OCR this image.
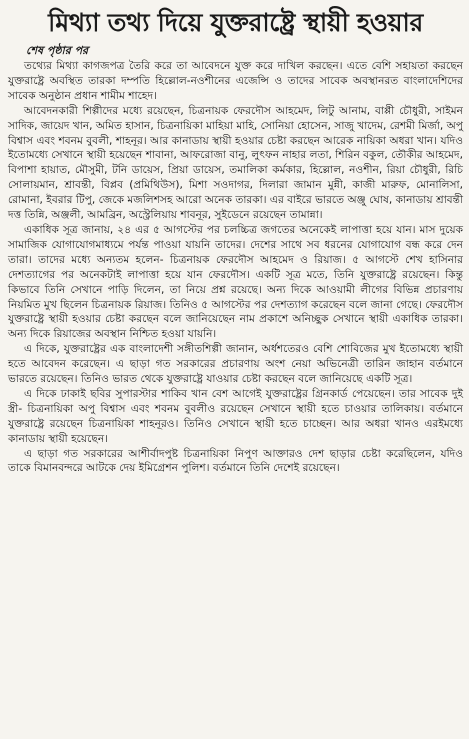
মিথ্যা তথ্য দিয়ে যুক্তরাষ্ট্রে স্থায়ী হওয়ার
শেষ পৃষ্ঠার পর

তথ্যের মিথ্যা কাগজপত্র তৈরি করে তা আবেদনে যুক্ত করে দাখিল করছেন। এতে বেশি সহায়তা করছেন যুক্তরাষ্ট্রে অবস্থিত তারকা দম্পতি হিল্লোল-নওশীনের এজেন্সি ও তাদের সাবেক অবস্থানরত বাংলাদেশিদের সাবেক অনুষ্ঠান প্রধান শামীম শাহেদ।

আবেদনকারী শিল্পীদের মধ্যে রয়েছেন, চিত্রনায়ক ফেরদৌস আহমেদ, লিটু আনাম, বাপ্পী চৌধুরী, সাইমন সাদিক, জায়েদ খান, অমিত হাসান, চিত্রনায়িকা মাহিয়া মাহি, সোনিয়া হোসেন, সাজু খাদেম, রেশমী মির্জা, অপু বিশ্বাস এবং শবনম বুবলী, শাহনূর। আর কানাডায় স্থায়ী হওয়ার চেষ্টা করছেন আরেক নায়িকা অধরা খান। যদিও ইতোমধ্যে সেখানে স্থায়ী হয়েছেন শাবানা, আফরোজা বানু, লুৎফন নাহার লতা, শিরিন বকুল, তৌকীর আহমেদ, বিপাশা হায়াত, মৌসুমী, টনি ডায়েস, প্রিয়া ডায়েস, তমালিকা কর্মকার, হিল্লোল, নওশীন, রিয়া চৌধুরী, রিচি সোলায়মান, শ্রাবন্তী, বিপ্লব (প্রমিথিউস), মিশা সওদাগর, দিলারা জামান মুন্নী, কাজী মারুফ, মোনালিসা, রোমানা, ইবরার টিপু, জেকে মজলিশসহ আরো অনেক তারকা। এর বাইরে ভারতে অঞ্জু ঘোষ, কানাডায় শ্রাবন্তী দত্ত তিন্নি, অঞ্জলী, আমব্রিন, অস্ট্রেলিয়ায় শাবনূর, সুইডেনে রয়েছেন তামান্না।

একাধিক সূত্র জানায়, ২৪ এর ৫ আগস্টের পর চলচ্চিত্র জগতের অনেকেই লাপাত্তা হয়ে যান। মাস দুয়েক সামাজিক যোগাযোগমাধ্যমে পর্যন্ত পাওয়া যায়নি তাদের। দেশের সাথে সব ধরনের যোগাযোগ বন্ধ করে দেন তারা। তাদের মধ্যে অন্যতম হলেন- চিত্রনায়ক ফেরদৌস আহমেদ ও রিয়াজ। ৫ আগস্টে শেখ হাসিনার দেশত্যাগের পর অনেকটাই লাপাত্তা হয়ে যান ফেরদৌস। একটি সূত্র মতে, তিনি যুক্তরাষ্ট্রে রয়েছেন। কিন্তু কিভাবে তিনি সেখানে পাড়ি দিলেন, তা নিয়ে প্রশ্ন রয়েছে। অন্য দিকে আওয়ামী লীগের বিভিন্ন প্রচারণায় নিয়মিত মুখ ছিলেন চিত্রনায়ক রিয়াজ। তিনিও ৫ আগস্টের পর দেশত্যাগ করেছেন বলে জানা গেছে। ফেরদৌস যুক্তরাষ্ট্রে স্থায়ী হওয়ার চেষ্টা করছেন বলে জানিয়েছেন নাম প্রকাশে অনিচ্ছুক সেখানে স্থায়ী একাধিক তারকা। অন্য দিকে রিয়াজের অবস্থান নিশ্চিত হওয়া যায়নি।

এ দিকে, যুক্তরাষ্ট্রের এক বাংলাদেশী সঙ্গীতশিল্পী জানান, অর্ধশতেরও বেশি শোবিজের মুখ ইতোমধ্যে স্থায়ী হতে আবেদন করেছেন। এ ছাড়া গত সরকারের প্রচারণায় অংশ নেয়া অভিনেত্রী তারিন জাহান বর্তমানে ভারতে রয়েছেন। তিনিও ভারত থেকে যুক্তরাষ্ট্রে যাওয়ার চেষ্টা করছেন বলে জানিয়েছে একটি সূত্র।

এ দিকে ঢাকাই ছবির সুপারস্টার শাকিব খান বেশ আগেই যুক্তরাষ্ট্রের গ্রিনকার্ড পেয়েছেন। তার সাবেক দুই স্ত্রী- চিত্রনায়িকা অপু বিশ্বাস এবং শবনম বুবলীও রয়েছেন সেখানে স্থায়ী হতে চাওয়ার তালিকায়। বর্তমানে যুক্তরাষ্ট্রে রয়েছেন চিত্রনায়িকা শাহনূরও। তিনিও সেখানে স্থায়ী হতে চাচ্ছেন। আর অধরা খানও এরইমধ্যে কানাডায় স্থায়ী হয়েছেন।

এ ছাড়া গত সরকারের আশীর্বাদপুষ্ট চিত্রনায়িকা নিপুণ আক্তারও দেশ ছাড়ার চেষ্টা করেছিলেন, যদিও তাকে বিমানবন্দরে আটকে দেয় ইমিগ্রেশন পুলিশ। বর্তমানে তিনি দেশেই রয়েছেন।
